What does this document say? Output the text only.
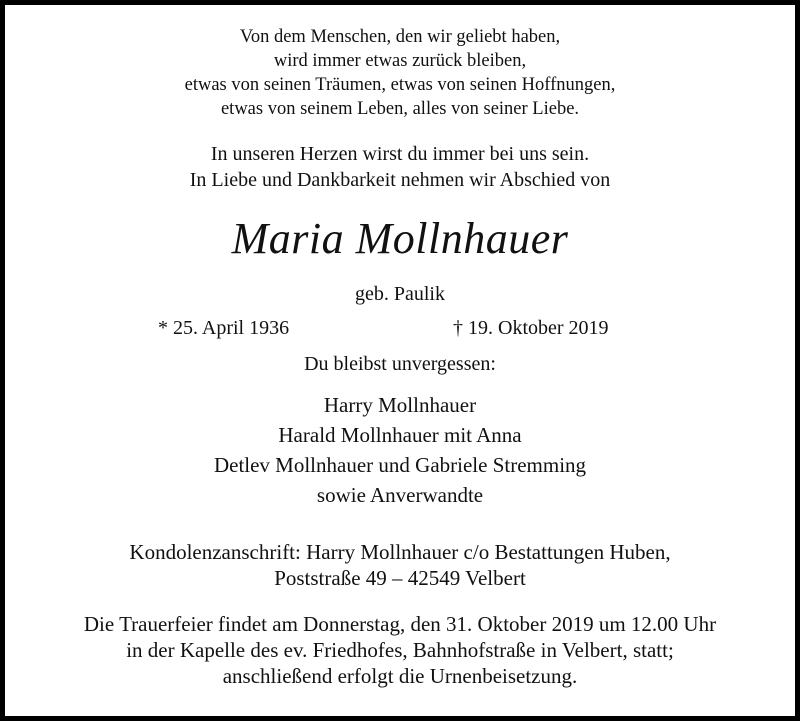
Von dem Menschen, den wir geliebt haben,
wird immer etwas zurück bleiben,
etwas von seinen Träumen, etwas von seinen Hoffnungen,
etwas von seinem Leben, alles von seiner Liebe.
In unseren Herzen wirst du immer bei uns sein.
In Liebe und Dankbarkeit nehmen wir Abschied von
Maria Mollnhauer
geb. Paulik
* 25. April 1936	† 19. Oktober 2019
Du bleibst unvergessen:
Harry Mollnhauer
Harald Mollnhauer mit Anna
Detlev Mollnhauer und Gabriele Stremming
sowie Anverwandte
Kondolenzanschrift: Harry Mollnhauer c/o Bestattungen Huben,
Poststraße 49 – 42549 Velbert
Die Trauerfeier findet am Donnerstag, den 31. Oktober 2019 um 12.00 Uhr
in der Kapelle des ev. Friedhofes, Bahnhofstraße in Velbert, statt;
anschließend erfolgt die Urnenbeisetzung.
